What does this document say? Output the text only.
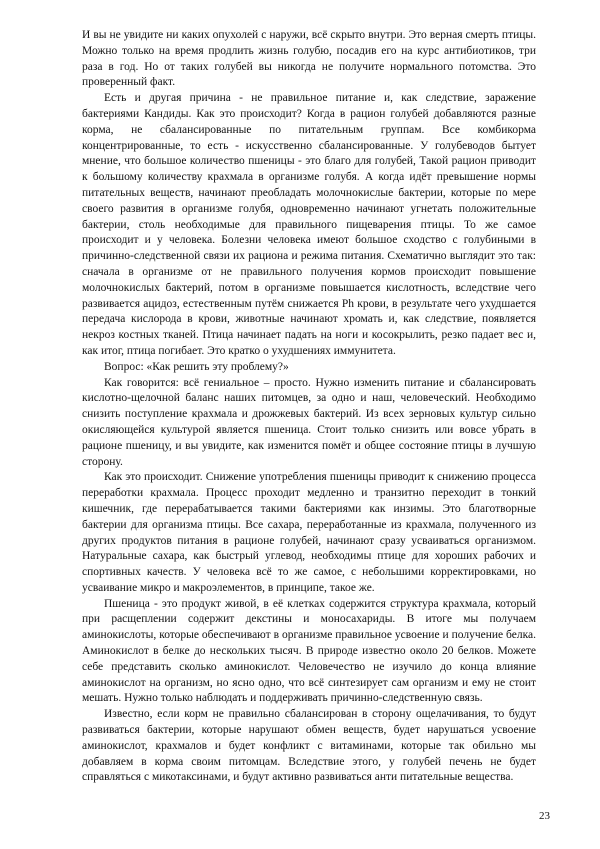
И вы не увидите ни каких опухолей с наружи, всё скрыто внутри. Это верная смерть птицы. Можно только на время продлить жизнь голубю, посадив его на курс антибиотиков, три раза в год. Но от таких голубей вы никогда не получите нормального потомства. Это проверенный факт.

Есть и другая причина - не правильное питание и, как следствие, заражение бактериями Кандиды. Как это происходит? Когда в рацион голубей добавляются разные корма, не сбалансированные по питательным группам. Все комбикорма концентрированные, то есть - искусственно сбалансированные. У голубеводов бытует мнение, что большое количество пшеницы - это благо для голубей, Такой рацион приводит к большому количеству крахмала в организме голубя. А когда идёт превышение нормы питательных веществ, начинают преобладать молочнокислые бактерии, которые по мере своего развития в организме голубя, одновременно начинают угнетать положительные бактерии, столь необходимые для правильного пищеварения птицы. То же самое происходит и у человека. Болезни человека имеют большое сходство с голубиными в причинно-следственной связи их рациона и режима питания. Схематично выглядит это так: сначала в организме от не правильного получения кормов происходит повышение молочнокислых бактерий, потом в организме повышается кислотность, вследствие чего развивается ацидоз, естественным путём снижается Ph крови, в результате чего ухудшается передача кислорода в крови, животные начинают хромать и, как следствие, появляется некроз костных тканей. Птица начинает падать на ноги и косокрылить, резко падает вес и, как итог, птица погибает. Это кратко о ухудшениях иммунитета.

Вопрос: «Как решить эту проблему?»

Как говорится: всё гениальное – просто. Нужно изменить питание и сбалансировать кислотно-щелочной баланс наших питомцев, за одно и наш, человеческий. Необходимо снизить поступление крахмала и дрожжевых бактерий. Из всех зерновых культур сильно окисляющейся культурой является пшеница. Стоит только снизить или вовсе убрать в рационе пшеницу, и вы увидите, как изменится помёт и общее состояние птицы в лучшую сторону.

Как это происходит. Снижение употребления пшеницы приводит к снижению процесса переработки крахмала. Процесс проходит медленно и транзитно переходит в тонкий кишечник, где перерабатывается такими бактериями как инзимы. Это благотворные бактерии для организма птицы. Все сахара, переработанные из крахмала, полученного из других продуктов питания в рационе голубей, начинают сразу усваиваться организмом. Натуральные сахара, как быстрый углевод, необходимы птице для хороших рабочих и спортивных качеств. У человека всё то же самое, с небольшими корректировками, но усваивание микро и макроэлементов, в принципе, такое же.

Пшеница - это продукт живой, в её клетках содержится структура крахмала, который при расщеплении содержит декстины и моносахариды. В итоге мы получаем аминокислоты, которые обеспечивают в организме правильное усвоение и получение белка. Аминокислот в белке до нескольких тысяч. В природе известно около 20 белков. Можете себе представить сколько аминокислот. Человечество не изучило до конца влияние аминокислот на организм, но ясно одно, что всё синтезирует сам организм и ему не стоит мешать. Нужно только наблюдать и поддерживать причинно-следственную связь.

Известно, если корм не правильно сбалансирован в сторону ощелачивания, то будут развиваться бактерии, которые нарушают обмен веществ, будет нарушаться усвоение аминокислот, крахмалов и будет конфликт с витаминами, которые так обильно мы добавляем в корма своим питомцам. Вследствие этого, у голубей печень не будет справляться с микотаксинами, и будут активно развиваться анти питательные вещества.

23
